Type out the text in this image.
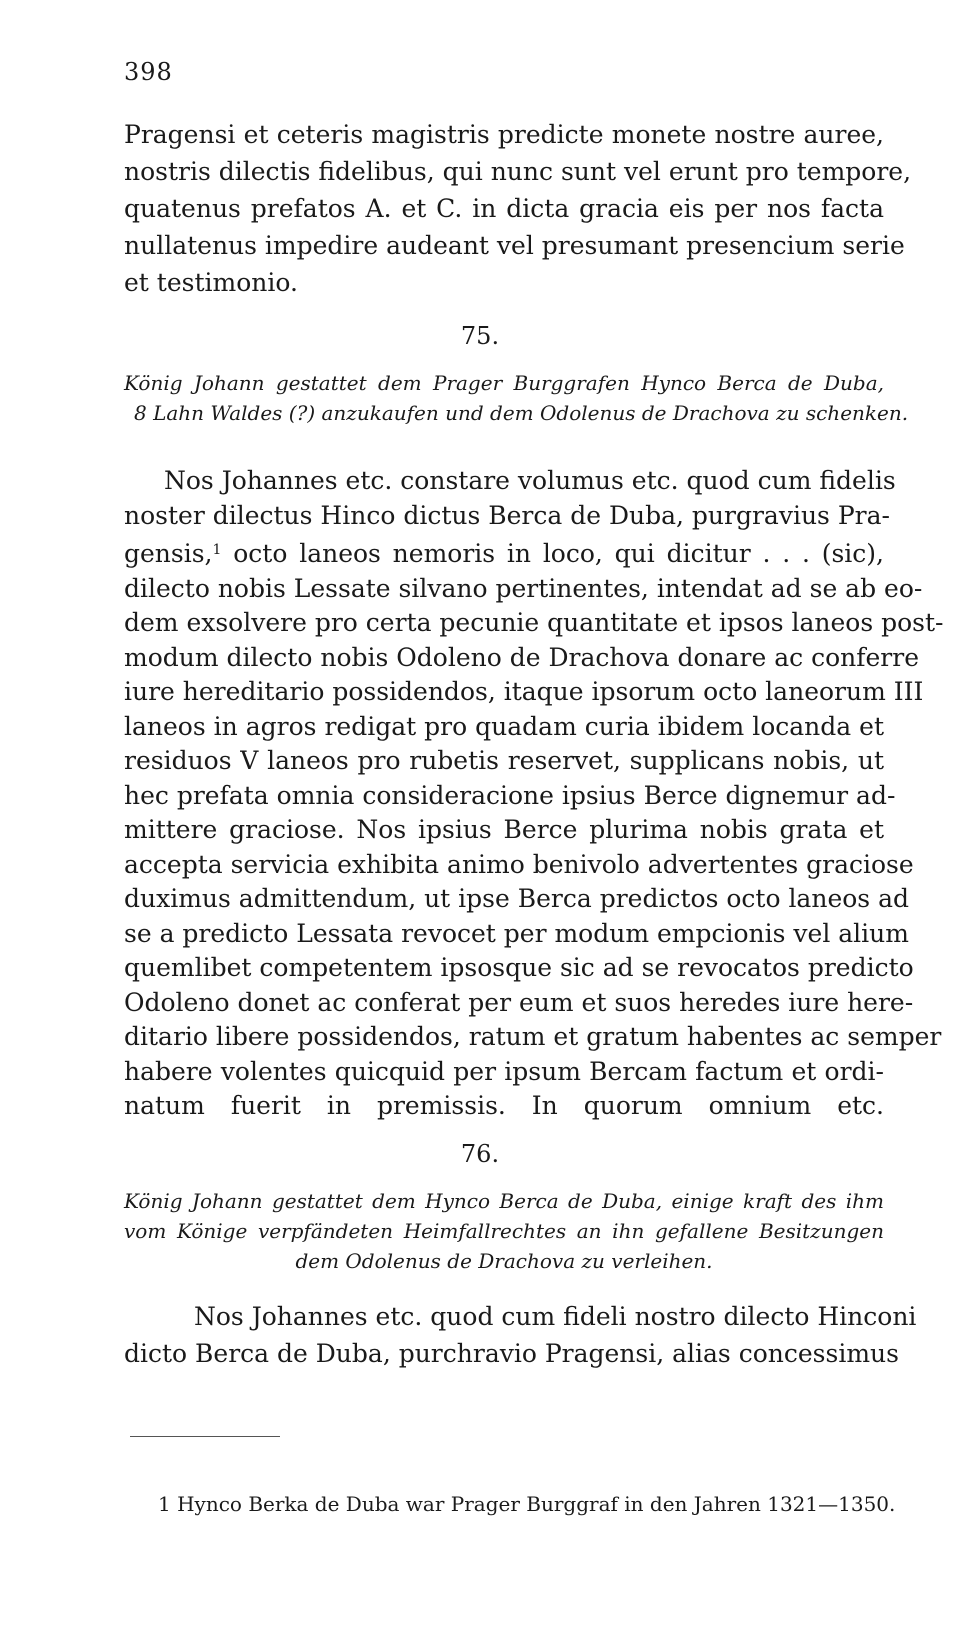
398
Pragensi et ceteris magistris predicte monete nostre auree,
nostris dilectis fidelibus, qui nunc sunt vel erunt pro tempore,
quatenus prefatos A. et C. in dicta gracia eis per nos facta
nullatenus impedire audeant vel presumant presencium serie
et testimonio.
75.
König Johann gestattet dem Prager Burggrafen Hynco Berca de Duba,
8 Lahn Waldes (?) anzukaufen und dem Odolenus de Drachova zu schenken.
Nos Johannes etc. constare volumus etc. quod cum fidelis
noster dilectus Hinco dictus Berca de Duba, purgravius Pra-
gensis,$^1$ octo laneos nemoris in loco, qui dicitur . . . (sic),
dilecto nobis Lessate silvano pertinentes, intendat ad se ab eo-
dem exsolvere pro certa pecunie quantitate et ipsos laneos post-
modum dilecto nobis Odoleno de Drachova donare ac conferre
iure hereditario possidendos, itaque ipsorum octo laneorum III
laneos in agros redigat pro quadam curia ibidem locanda et
residuos V laneos pro rubetis reservet, supplicans nobis, ut
hec prefata omnia consideracione ipsius Berce dignemur ad-
mittere graciose. Nos ipsius Berce plurima nobis grata et
accepta servicia exhibita animo benivolo advertentes graciose
duximus admittendum, ut ipse Berca predictos octo laneos ad
se a predicto Lessata revocet per modum empcionis vel alium
quemlibet competentem ipsosque sic ad se revocatos predicto
Odoleno donet ac conferat per eum et suos heredes iure here-
ditario libere possidendos, ratum et gratum habentes ac semper
habere volentes quicquid per ipsum Bercam factum et ordi-
natum fuerit in premissis. In quorum omnium etc.
76.
König Johann gestattet dem Hynco Berca de Duba, einige kraft des ihm
vom Könige verpfändeten Heimfallrechtes an ihn gefallene Besitzungen
dem Odolenus de Drachova zu verleihen.
Nos Johannes etc. quod cum fideli nostro dilecto Hinconi
dicto Berca de Duba, purchravio Pragensi, alias concessimus

1 Hynco Berka de Duba war Prager Burggraf in den Jahren 1321—1350.
